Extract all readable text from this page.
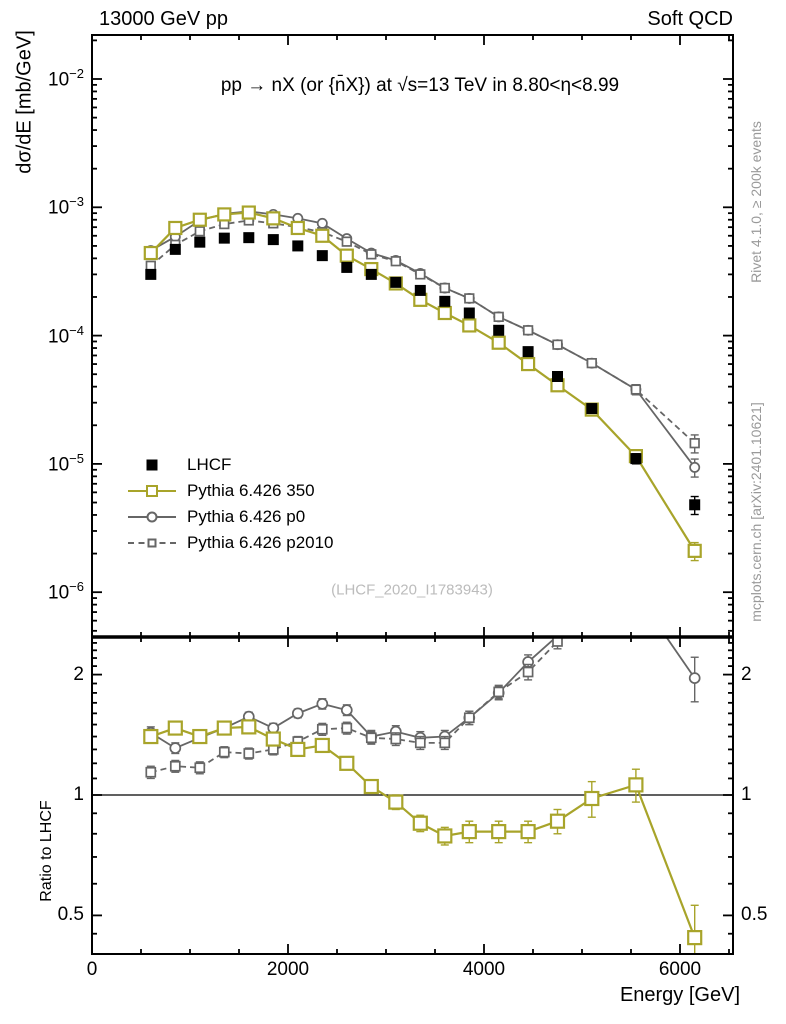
13000 GeV pp	Soft QCD
pp → nX (or {n̄X}) at √s=13 TeV in 8.80<η<8.99
dσ/dE [mb/GeV]
Ratio to LHCF
Rivet 4.1.0, ≥ 200k events
mcplots.cern.ch [arXiv:2401.10621]
(LHCF_2020_I1783943)
Energy [GeV]
LHCF
Pythia 6.426 350
Pythia 6.426 p0
Pythia 6.426 p2010
$10^{-2}$
$10^{-3}$
$10^{-4}$
$10^{-5}$
$10^{-6}$
2	2
1	1
0.5	0.5
0	2000	4000	6000
